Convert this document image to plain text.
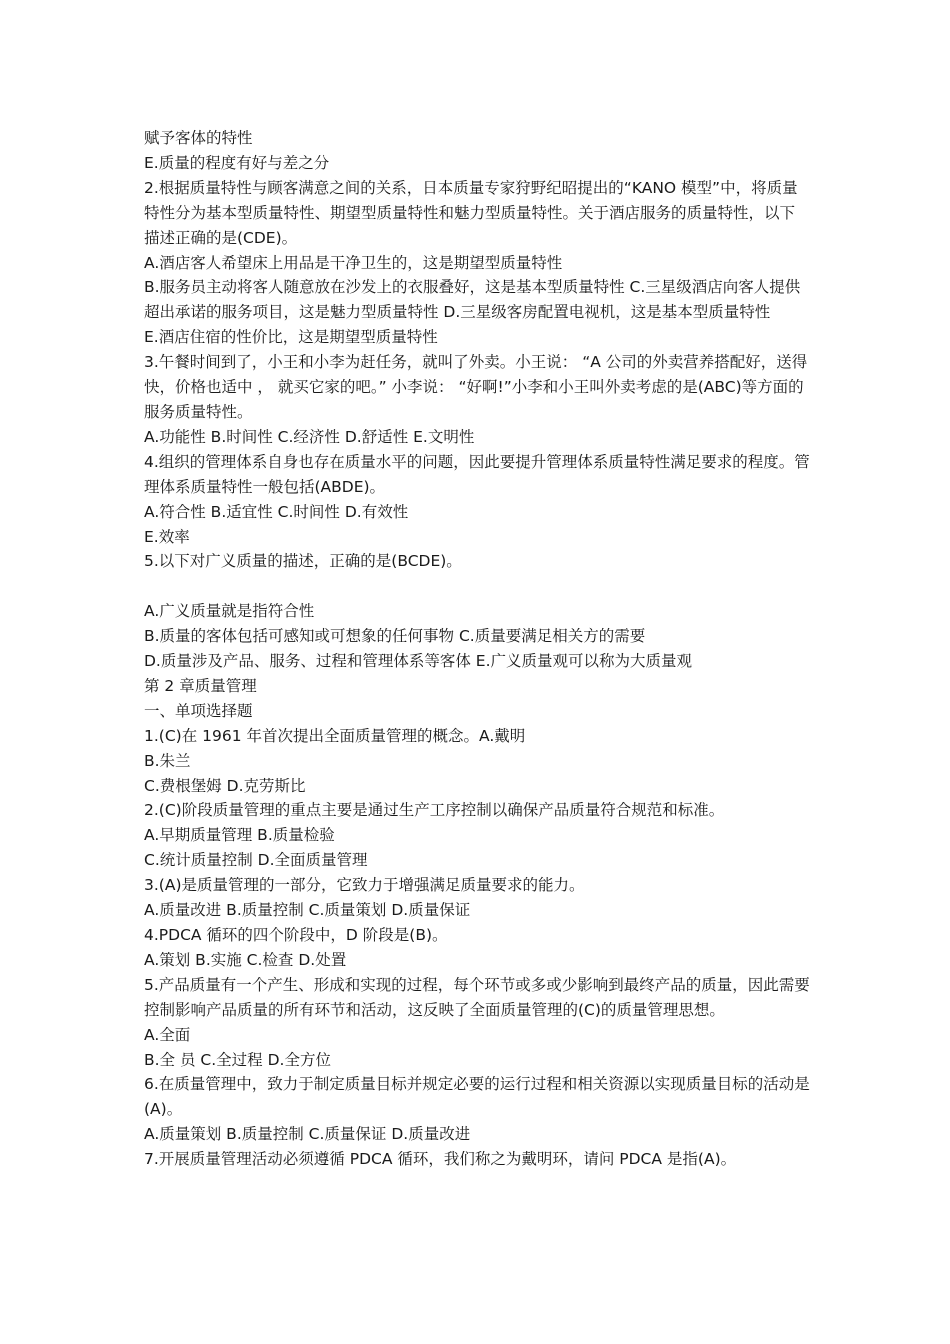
赋予客体的特性

E.质量的程度有好与差之分

2.根据质量特性与顾客满意之间的关系，日本质量专家狩野纪昭提出的“KANO 模型”中，将质量特性分为基本型质量特性、期望型质量特性和魅力型质量特性。关于酒店服务的质量特性，以下描述正确的是(CDE)。

A.酒店客人希望床上用品是干净卫生的，这是期望型质量特性

B.服务员主动将客人随意放在沙发上的衣服叠好，这是基本型质量特性 C.三星级酒店向客人提供超出承诺的服务项目，这是魅力型质量特性 D.三星级客房配置电视机，这是基本型质量特性

E.酒店住宿的性价比，这是期望型质量特性

3.午餐时间到了，小王和小李为赶任务，就叫了外卖。小王说： “A 公司的外卖营养搭配好，送得快，价格也适中 ， 就买它家的吧。” 小李说： “好啊!”小李和小王叫外卖考虑的是(ABC)等方面的服务质量特性。

A.功能性 B.时间性 C.经济性 D.舒适性 E.文明性

4.组织的管理体系自身也存在质量水平的问题，因此要提升管理体系质量特性满足要求的程度。管理体系质量特性一般包括(ABDE)。

A.符合性 B.适宜性 C.时间性 D.有效性

E.效率

5.以下对广义质量的描述，正确的是(BCDE)。

A.广义质量就是指符合性

B.质量的客体包括可感知或可想象的任何事物 C.质量要满足相关方的需要

D.质量涉及产品、服务、过程和管理体系等客体 E.广义质量观可以称为大质量观

第 2 章质量管理

一、单项选择题

1.(C)在 1961 年首次提出全面质量管理的概念。A.戴明

B.朱兰

C.费根堡姆 D.克劳斯比

2.(C)阶段质量管理的重点主要是通过生产工序控制以确保产品质量符合规范和标准。

A.早期质量管理 B.质量检验

C.统计质量控制 D.全面质量管理

3.(A)是质量管理的一部分，它致力于增强满足质量要求的能力。

A.质量改进 B.质量控制 C.质量策划 D.质量保证

4.PDCA 循环的四个阶段中，D 阶段是(B)。

A.策划 B.实施 C.检查 D.处置

5.产品质量有一个产生、形成和实现的过程，每个环节或多或少影响到最终产品的质量，因此需要控制影响产品质量的所有环节和活动，这反映了全面质量管理的(C)的质量管理思想。

A.全面

B.全 员 C.全过程 D.全方位

6.在质量管理中，致力于制定质量目标并规定必要的运行过程和相关资源以实现质量目标的活动是(A)。

A.质量策划 B.质量控制 C.质量保证 D.质量改进

7.开展质量管理活动必须遵循 PDCA 循环，我们称之为戴明环，请问 PDCA 是指(A)。
